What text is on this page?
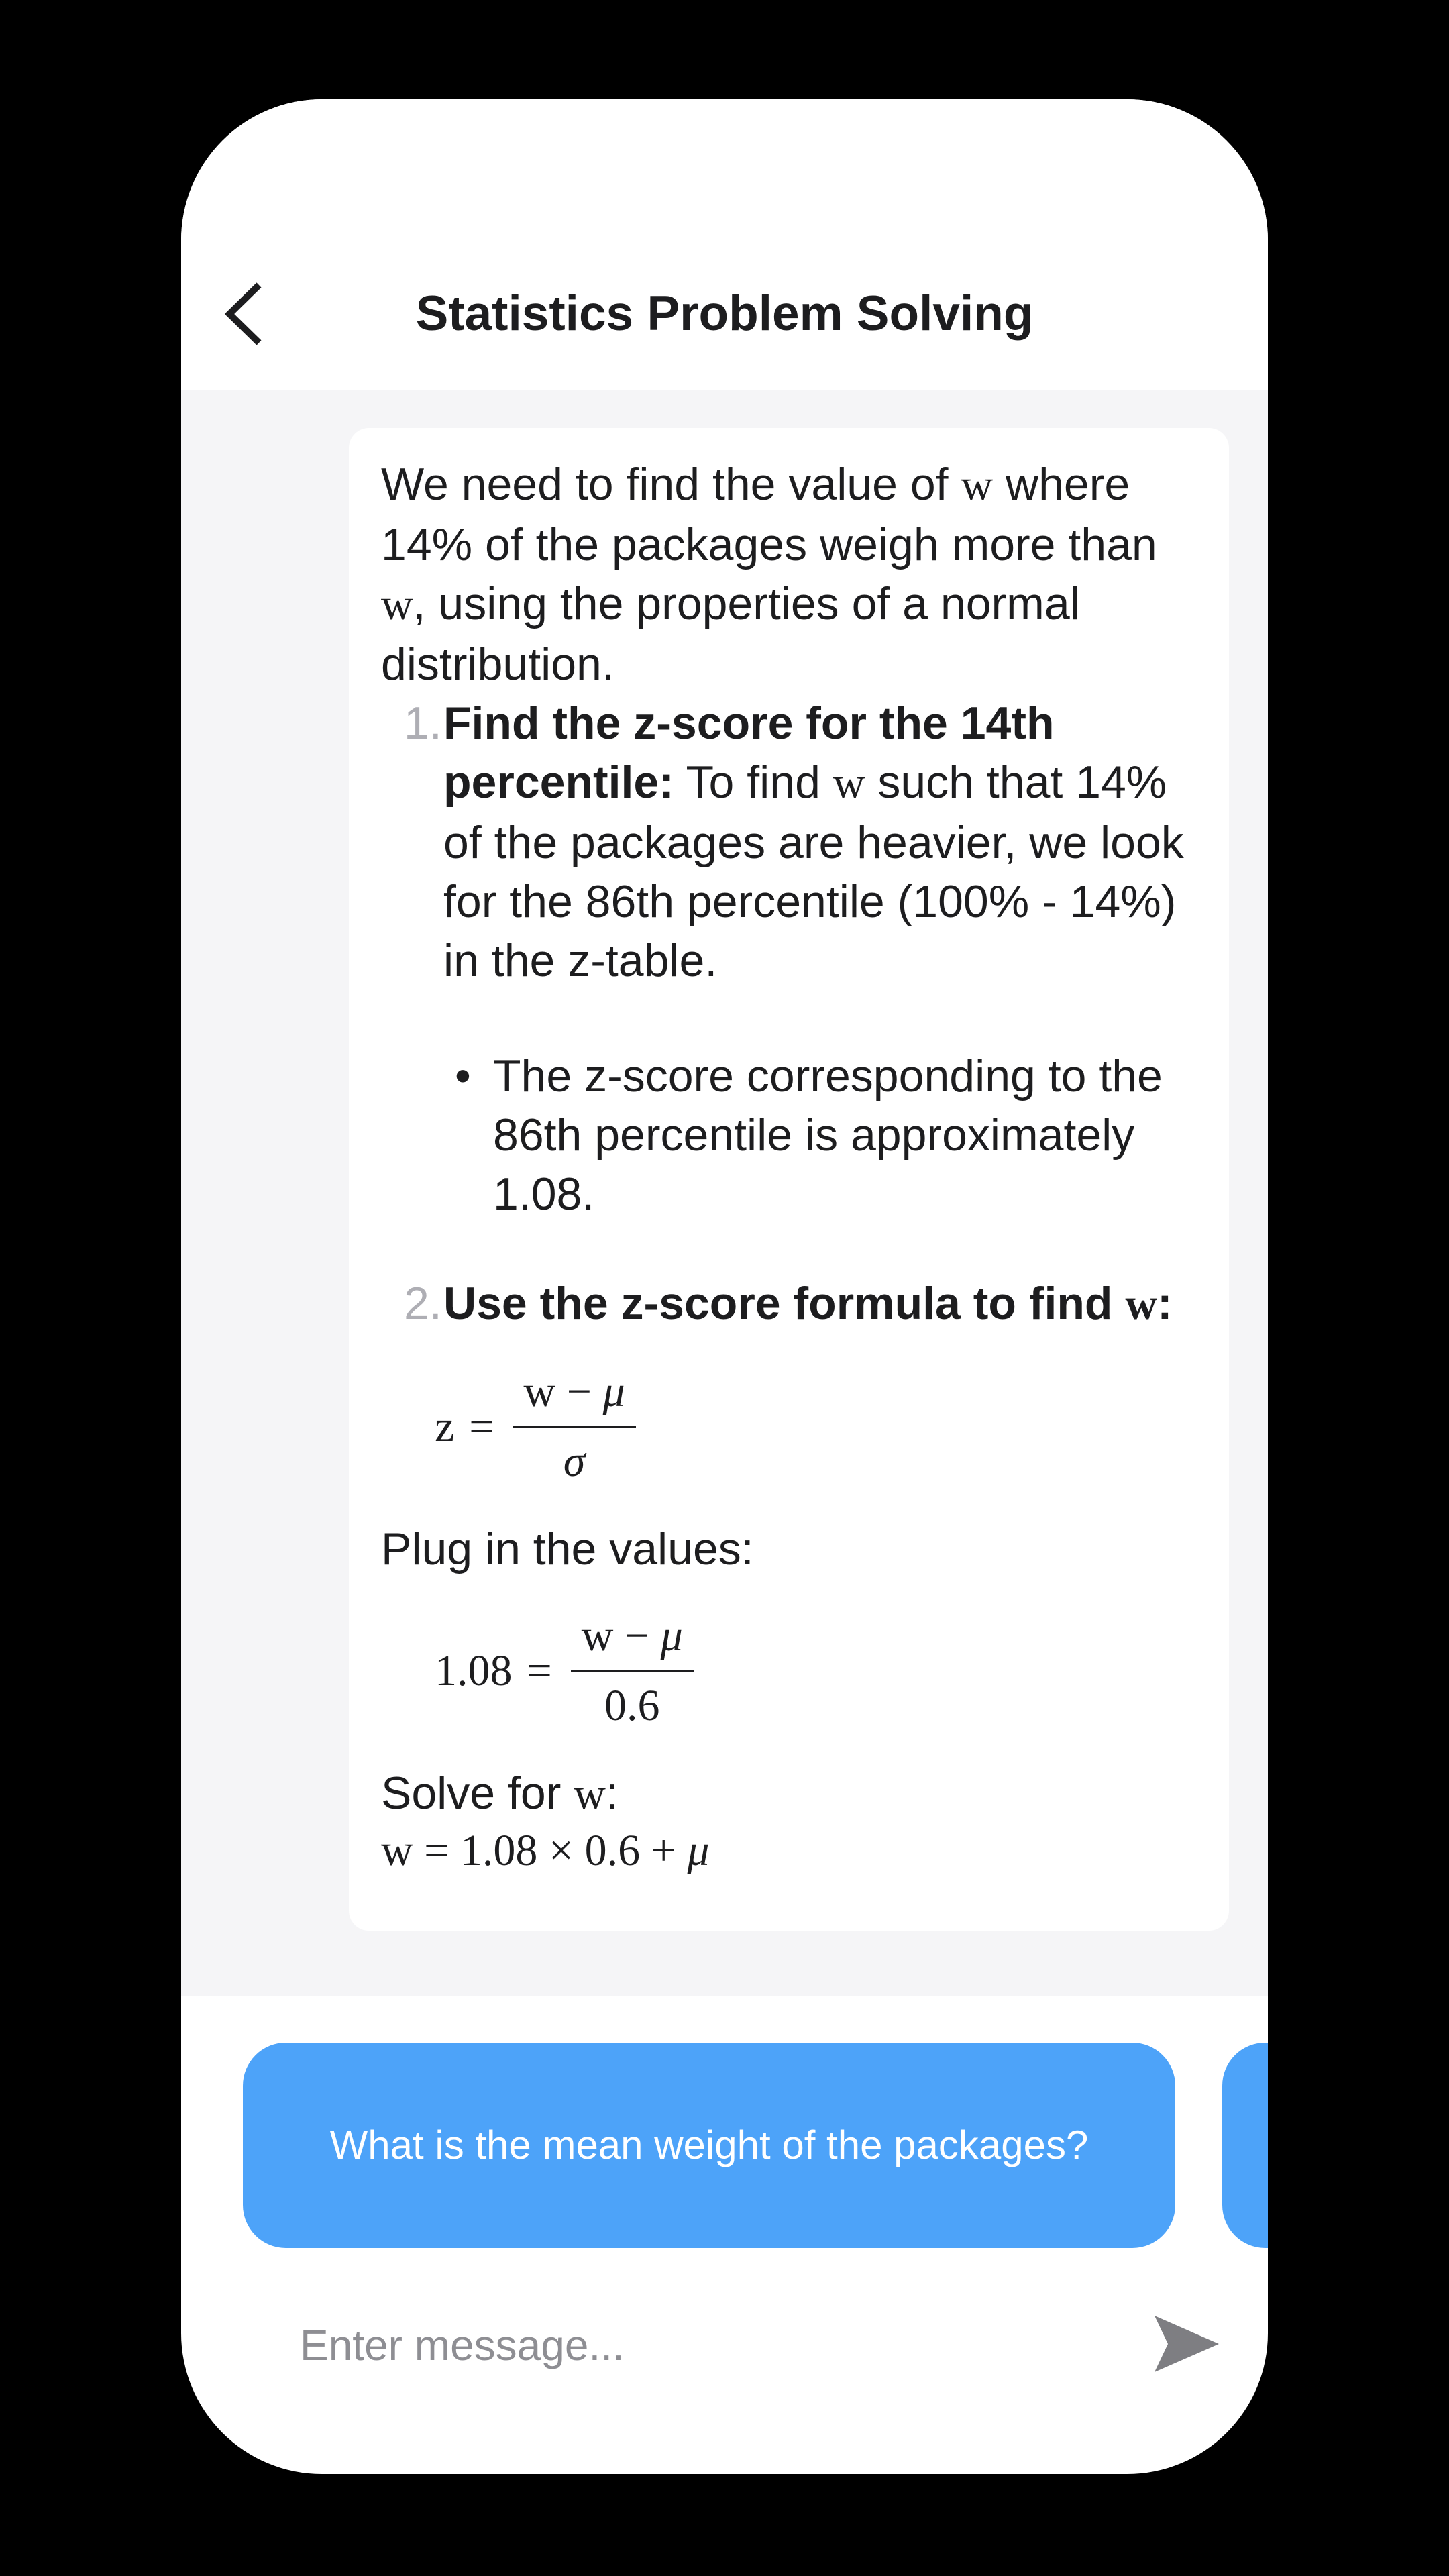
Statistics Problem Solving

We need to find the value of w where 14% of the packages weigh more than w, using the properties of a normal distribution.

1. Find the z-score for the 14th percentile: To find w such that 14% of the packages are heavier, we look for the 86th percentile (100% - 14%) in the z-table.
• The z-score corresponding to the 86th percentile is approximately 1.08.
2. Use the z-score formula to find w:
$z = \frac{w - \mu}{\sigma}$

Plug in the values:

$1.08 = \frac{w - \mu}{0.6}$

Solve for w:

w = 1.08 × 0.6 + μ

What is the mean weight of the packages?
Enter message...
